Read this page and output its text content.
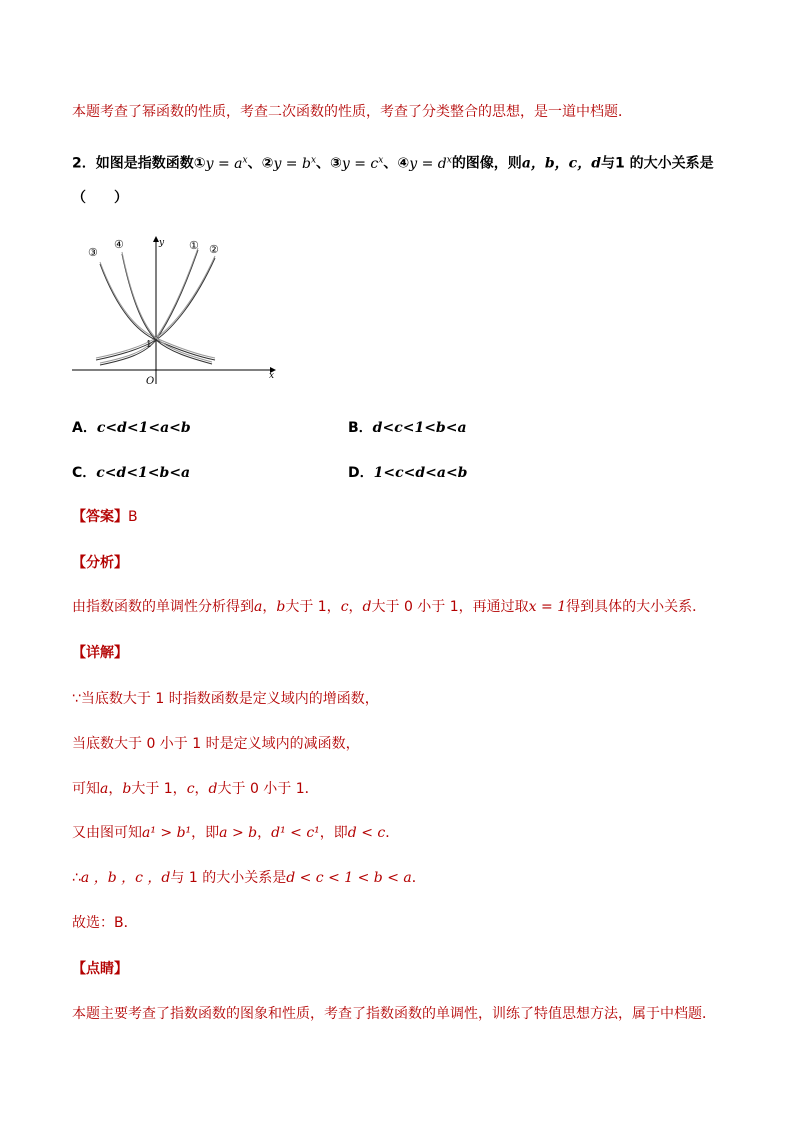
本题考查了幂函数的性质，考查二次函数的性质，考查了分类整合的思想，是一道中档题．
2．如图是指数函数①y = $a^x$、②y = $b^x$、③y = $c^x$、④y = $d^x$的图像，则a，b，c，d与1 的大小关系是
（　　）
③
④	① ②
y
x
O
1
A．c<d<1<a<b	B．d<c<1<b<a
C．c<d<1<b<a	D．1<c<d<a<b
【答案】B
【分析】
由指数函数的单调性分析得到a，b大于 1，c，d大于 0 小于 1，再通过取x = 1得到具体的大小关系．
【详解】
∵当底数大于 1 时指数函数是定义域内的增函数，
当底数大于 0 小于 1 时是定义域内的减函数，
可知a，b大于 1，c，d大于 0 小于 1．
又由图可知a¹ > b¹，即a > b，d¹ < c¹，即d < c．
∴a ，b ，c ，d与 1 的大小关系是d < c < 1 < b < a．
故选：B．
【点睛】
本题主要考查了指数函数的图象和性质，考查了指数函数的单调性，训练了特值思想方法，属于中档题．
